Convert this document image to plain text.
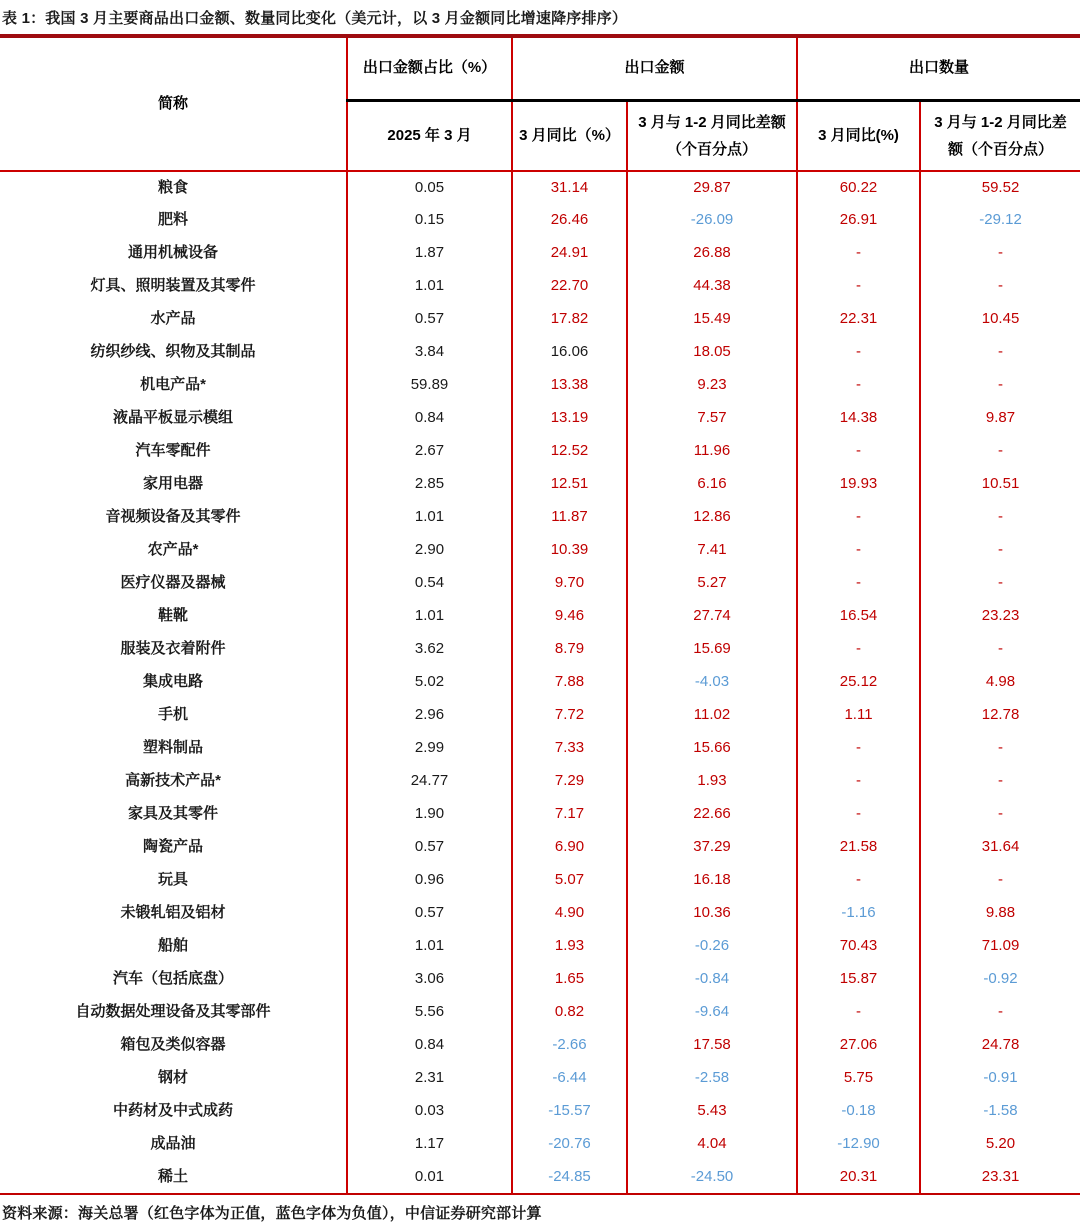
表 1：我国 3 月主要商品出口金额、数量同比变化（美元计，以 3 月金额同比增速降序排序）
简称	出口金额占比（%）	出口金额		出口数量	
	2025 年 3 月	3 月同比（%）	3 月与 1-2 月同比差额（个百分点）	3 月同比(%)	3 月与 1-2 月同比差额（个百分点）
粮食	0.05	31.14	29.87	60.22	59.52
肥料	0.15	26.46	-26.09	26.91	-29.12
通用机械设备	1.87	24.91	26.88	-	-
灯具、照明装置及其零件	1.01	22.70	44.38	-	-
水产品	0.57	17.82	15.49	22.31	10.45
纺织纱线、织物及其制品	3.84	16.06	18.05	-	-
机电产品*	59.89	13.38	9.23	-	-
液晶平板显示模组	0.84	13.19	7.57	14.38	9.87
汽车零配件	2.67	12.52	11.96	-	-
家用电器	2.85	12.51	6.16	19.93	10.51
音视频设备及其零件	1.01	11.87	12.86	-	-
农产品*	2.90	10.39	7.41	-	-
医疗仪器及器械	0.54	9.70	5.27	-	-
鞋靴	1.01	9.46	27.74	16.54	23.23
服装及衣着附件	3.62	8.79	15.69	-	-
集成电路	5.02	7.88	-4.03	25.12	4.98
手机	2.96	7.72	11.02	1.11	12.78
塑料制品	2.99	7.33	15.66	-	-
高新技术产品*	24.77	7.29	1.93	-	-
家具及其零件	1.90	7.17	22.66	-	-
陶瓷产品	0.57	6.90	37.29	21.58	31.64
玩具	0.96	5.07	16.18	-	-
未锻轧铝及铝材	0.57	4.90	10.36	-1.16	9.88
船舶	1.01	1.93	-0.26	70.43	71.09
汽车（包括底盘）	3.06	1.65	-0.84	15.87	-0.92
自动数据处理设备及其零部件	5.56	0.82	-9.64	-	-
箱包及类似容器	0.84	-2.66	17.58	27.06	24.78
钢材	2.31	-6.44	-2.58	5.75	-0.91
中药材及中式成药	0.03	-15.57	5.43	-0.18	-1.58
成品油	1.17	-20.76	4.04	-12.90	5.20
稀土	0.01	-24.85	-24.50	20.31	23.31
资料来源：海关总署（红色字体为正值，蓝色字体为负值），中信证券研究部计算
